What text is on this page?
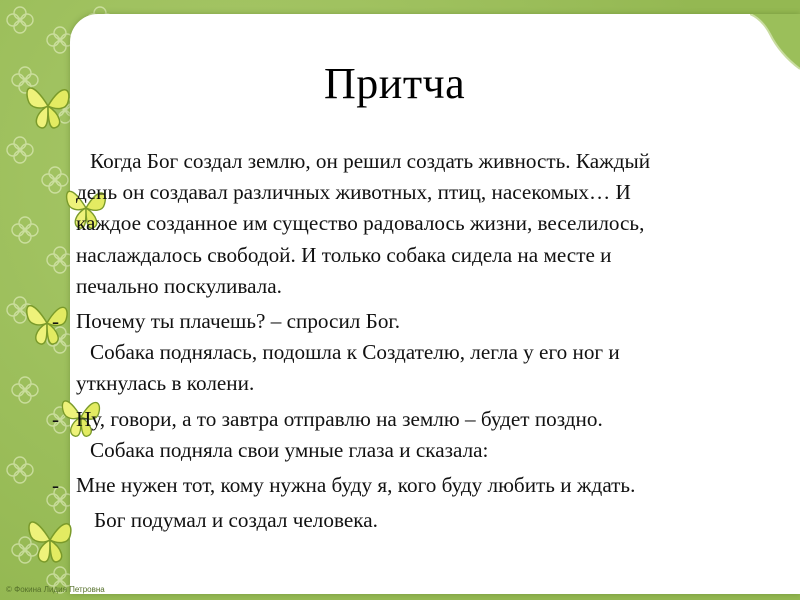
Притча
Когда Бог создал землю, он решил создать живность. Каждый
день он создавал различных животных, птиц, насекомых… И
каждое созданное им существо радовалось жизни, веселилось,
наслаждалось свободой. И только собака сидела на месте и
печально поскуливала.
- Почему ты плачешь? – спросил Бог.
Собака поднялась, подошла к Создателю, легла у его ног и
уткнулась в колени.
- Ну, говори, а то завтра отправлю на землю – будет поздно.
Собака подняла свои умные глаза и сказала:
- Мне нужен тот, кому нужна буду я, кого буду любить и ждать.
Бог подумал и создал человека.
© Фокина Лидия Петровна
